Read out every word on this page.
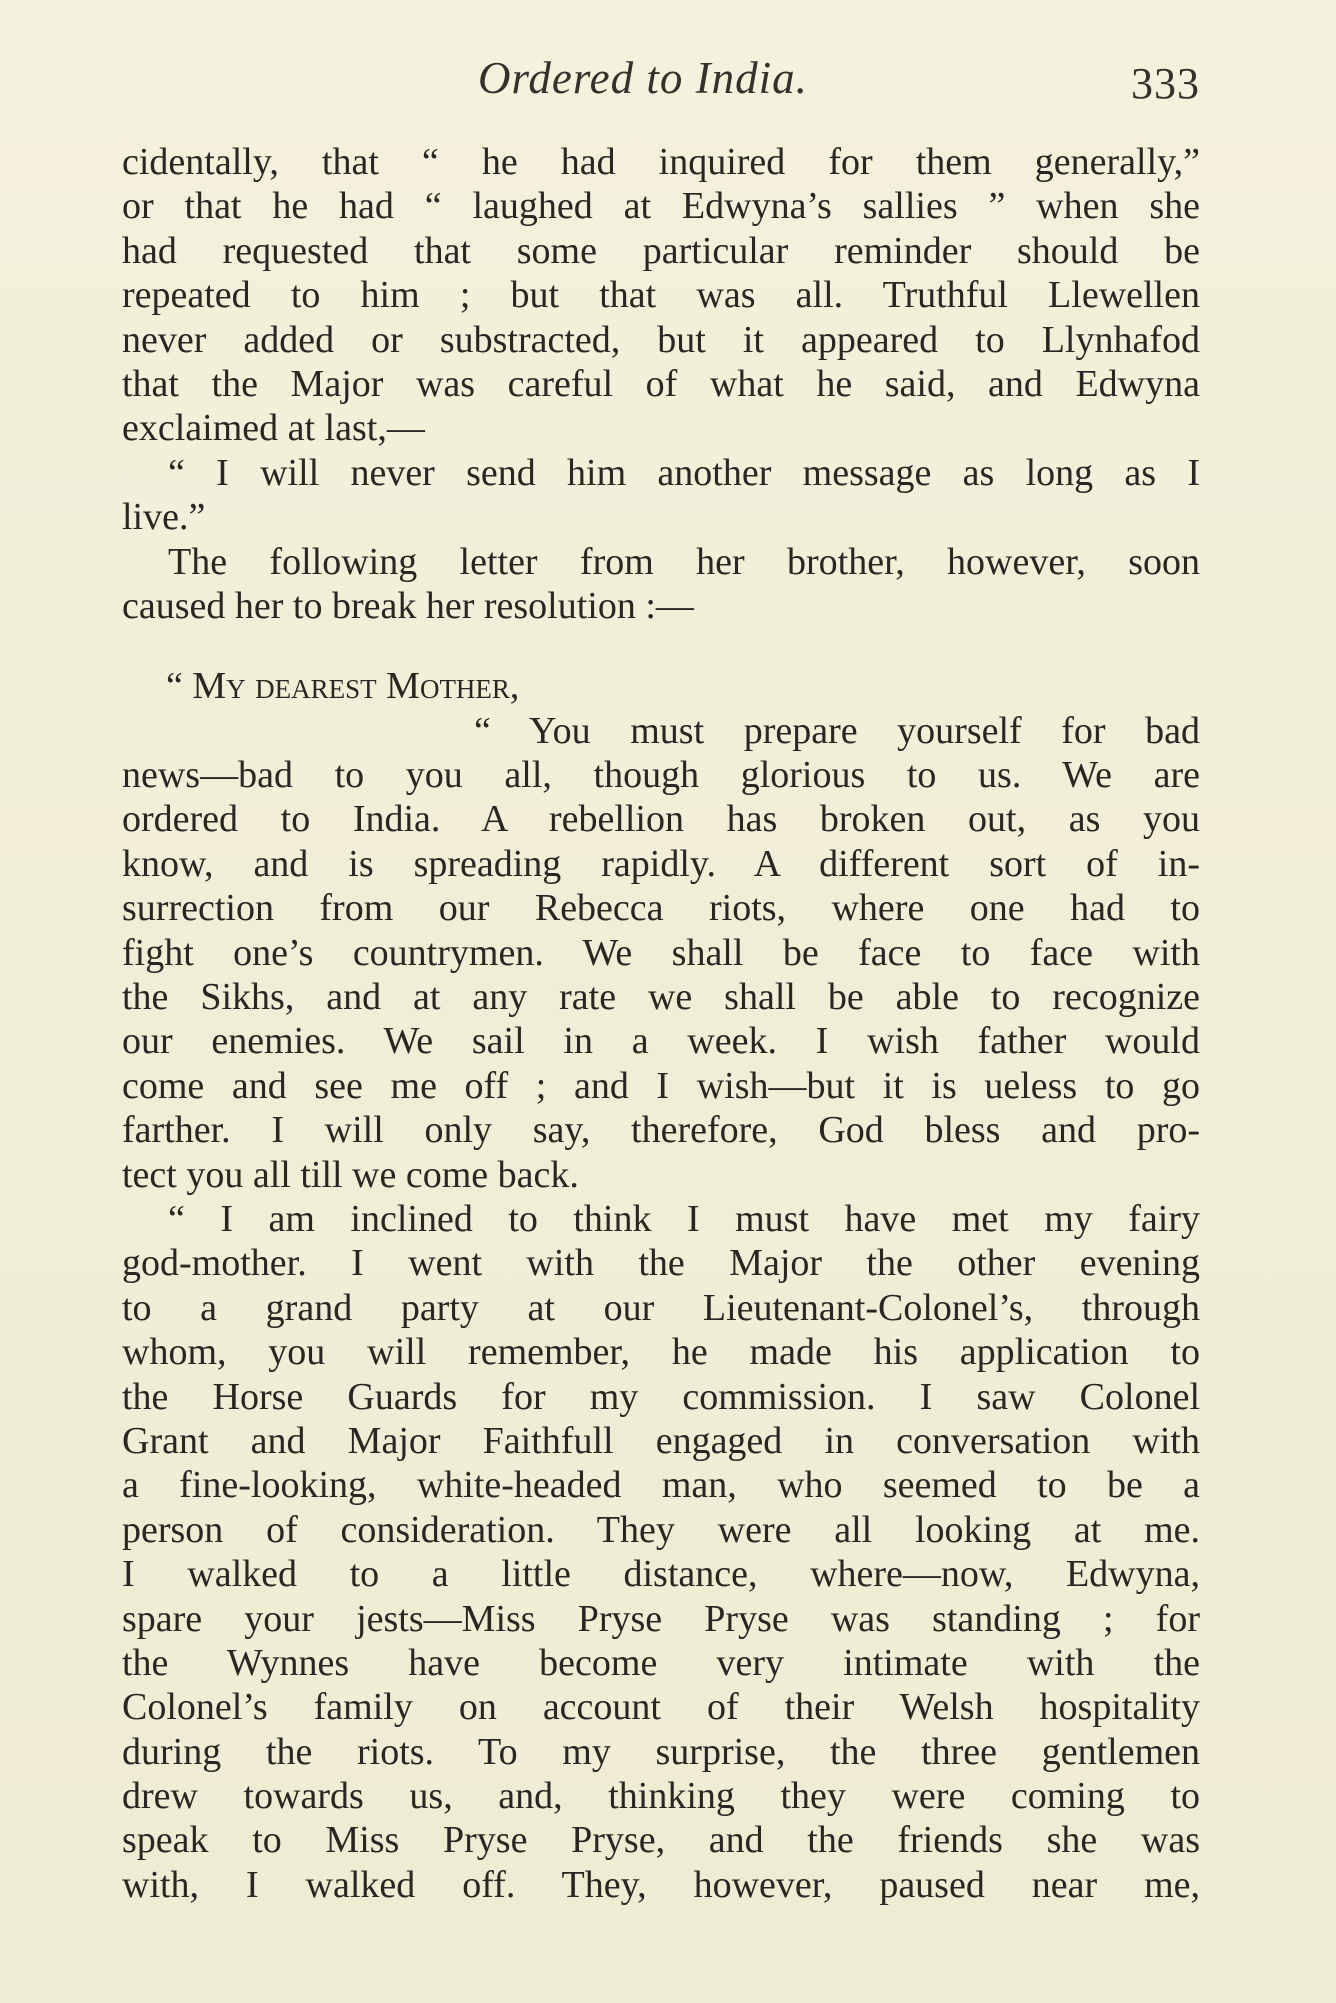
Ordered to India.	333
cidentally, that “ he had inquired for them generally,”
or that he had “ laughed at Edwyna’s sallies ” when she
had requested that some particular reminder should be
repeated to him ; but that was all. Truthful Llewellen
never added or substracted, but it appeared to Llynhafod
that the Major was careful of what he said, and Edwyna
exclaimed at last,—
“ I will never send him another message as long as I
live.”
The following letter from her brother, however, soon
caused her to break her resolution :—
“ My dearest Mother,
“ You must prepare yourself for bad
news—bad to you all, though glorious to us. We are
ordered to India. A rebellion has broken out, as you
know, and is spreading rapidly. A different sort of in-
surrection from our Rebecca riots, where one had to
fight one’s countrymen. We shall be face to face with
the Sikhs, and at any rate we shall be able to recognize
our enemies. We sail in a week. I wish father would
come and see me off ; and I wish—but it is ueless to go
farther. I will only say, therefore, God bless and pro-
tect you all till we come back.
“ I am inclined to think I must have met my fairy
god-mother. I went with the Major the other evening
to a grand party at our Lieutenant-Colonel’s, through
whom, you will remember, he made his application to
the Horse Guards for my commission. I saw Colonel
Grant and Major Faithfull engaged in conversation with
a fine-looking, white-headed man, who seemed to be a
person of consideration. They were all looking at me.
I walked to a little distance, where—now, Edwyna,
spare your jests—Miss Pryse Pryse was standing ; for
the Wynnes have become very intimate with the
Colonel’s family on account of their Welsh hospitality
during the riots. To my surprise, the three gentlemen
drew towards us, and, thinking they were coming to
speak to Miss Pryse Pryse, and the friends she was
with, I walked off. They, however, paused near me,
